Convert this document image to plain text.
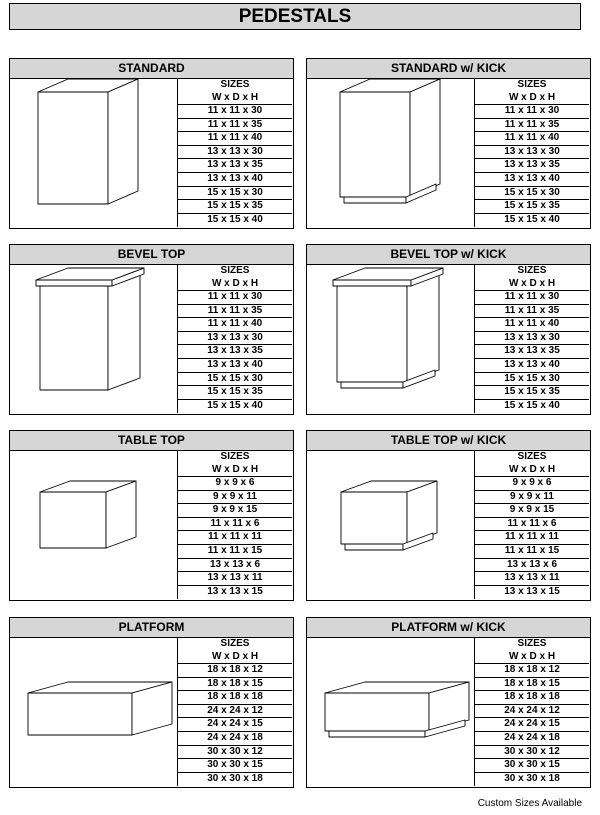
PEDESTALS
STANDARD
SIZES
W x D x H
11 x 11 x 30
11 x 11 x 35
11 x 11 x 40
13 x 13 x 30
13 x 13 x 35
13 x 13 x 40
15 x 15 x 30
15 x 15 x 35
15 x 15 x 40
STANDARD w/ KICK
SIZES
W x D x H
11 x 11 x 30
11 x 11 x 35
11 x 11 x 40
13 x 13 x 30
13 x 13 x 35
13 x 13 x 40
15 x 15 x 30
15 x 15 x 35
15 x 15 x 40
BEVEL TOP
SIZES
W x D x H
11 x 11 x 30
11 x 11 x 35
11 x 11 x 40
13 x 13 x 30
13 x 13 x 35
13 x 13 x 40
15 x 15 x 30
15 x 15 x 35
15 x 15 x 40
BEVEL TOP w/ KICK
SIZES
W x D x H
11 x 11 x 30
11 x 11 x 35
11 x 11 x 40
13 x 13 x 30
13 x 13 x 35
13 x 13 x 40
15 x 15 x 30
15 x 15 x 35
15 x 15 x 40
TABLE TOP
SIZES
W x D x H
9 x 9 x 6
9 x 9 x 11
9 x 9 x 15
11 x 11 x 6
11 x 11 x 11
11 x 11 x 15
13 x 13 x 6
13 x 13 x 11
13 x 13 x 15
TABLE TOP w/ KICK
SIZES
W x D x H
9 x 9 x 6
9 x 9 x 11
9 x 9 x 15
11 x 11 x 6
11 x 11 x 11
11 x 11 x 15
13 x 13 x 6
13 x 13 x 11
13 x 13 x 15
PLATFORM
SIZES
W x D x H
18 x 18 x 12
18 x 18 x 15
18 x 18 x 18
24 x 24 x 12
24 x 24 x 15
24 x 24 x 18
30 x 30 x 12
30 x 30 x 15
30 x 30 x 18
PLATFORM w/ KICK
SIZES
W x D x H
18 x 18 x 12
18 x 18 x 15
18 x 18 x 18
24 x 24 x 12
24 x 24 x 15
24 x 24 x 18
30 x 30 x 12
30 x 30 x 15
30 x 30 x 18
Custom Sizes Available
